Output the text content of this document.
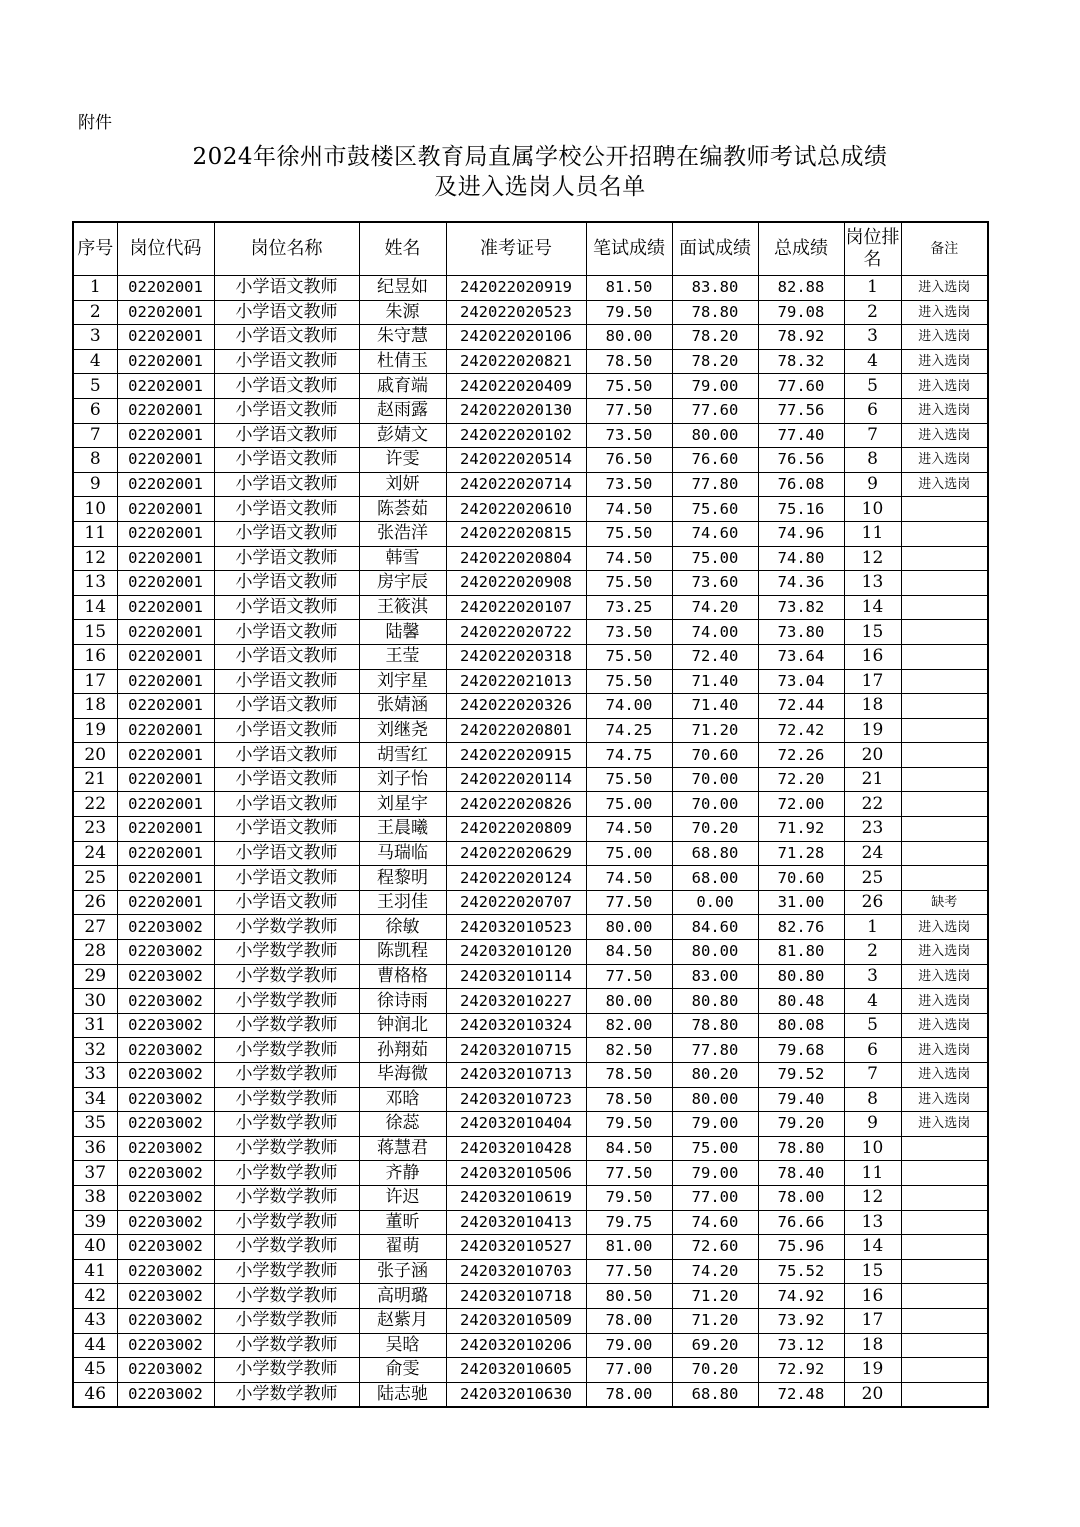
附件
2024年徐州市鼓楼区教育局直属学校公开招聘在编教师考试总成绩
及进入选岗人员名单
序号	岗位代码	岗位名称	姓名	准考证号	笔试成绩	面试成绩	总成绩	岗位排名	备注
1	02202001	小学语文教师	纪昱如	242022020919	81.50	83.80	82.88	1	进入选岗
2	02202001	小学语文教师	朱源	242022020523	79.50	78.80	79.08	2	进入选岗
3	02202001	小学语文教师	朱守慧	242022020106	80.00	78.20	78.92	3	进入选岗
4	02202001	小学语文教师	杜倩玉	242022020821	78.50	78.20	78.32	4	进入选岗
5	02202001	小学语文教师	戚育端	242022020409	75.50	79.00	77.60	5	进入选岗
6	02202001	小学语文教师	赵雨露	242022020130	77.50	77.60	77.56	6	进入选岗
7	02202001	小学语文教师	彭婧文	242022020102	73.50	80.00	77.40	7	进入选岗
8	02202001	小学语文教师	许雯	242022020514	76.50	76.60	76.56	8	进入选岗
9	02202001	小学语文教师	刘妍	242022020714	73.50	77.80	76.08	9	进入选岗
10	02202001	小学语文教师	陈荟茹	242022020610	74.50	75.60	75.16	10	
11	02202001	小学语文教师	张浩洋	242022020815	75.50	74.60	74.96	11	
12	02202001	小学语文教师	韩雪	242022020804	74.50	75.00	74.80	12	
13	02202001	小学语文教师	房宇辰	242022020908	75.50	73.60	74.36	13	
14	02202001	小学语文教师	王筱淇	242022020107	73.25	74.20	73.82	14	
15	02202001	小学语文教师	陆馨	242022020722	73.50	74.00	73.80	15	
16	02202001	小学语文教师	王莹	242022020318	75.50	72.40	73.64	16	
17	02202001	小学语文教师	刘宇星	242022021013	75.50	71.40	73.04	17	
18	02202001	小学语文教师	张婧涵	242022020326	74.00	71.40	72.44	18	
19	02202001	小学语文教师	刘继尧	242022020801	74.25	71.20	72.42	19	
20	02202001	小学语文教师	胡雪红	242022020915	74.75	70.60	72.26	20	
21	02202001	小学语文教师	刘子怡	242022020114	75.50	70.00	72.20	21	
22	02202001	小学语文教师	刘星宇	242022020826	75.00	70.00	72.00	22	
23	02202001	小学语文教师	王晨曦	242022020809	74.50	70.20	71.92	23	
24	02202001	小学语文教师	马瑞临	242022020629	75.00	68.80	71.28	24	
25	02202001	小学语文教师	程黎明	242022020124	74.50	68.00	70.60	25	
26	02202001	小学语文教师	王羽佳	242022020707	77.50	0.00	31.00	26	缺考
27	02203002	小学数学教师	徐敏	242032010523	80.00	84.60	82.76	1	进入选岗
28	02203002	小学数学教师	陈凯程	242032010120	84.50	80.00	81.80	2	进入选岗
29	02203002	小学数学教师	曹格格	242032010114	77.50	83.00	80.80	3	进入选岗
30	02203002	小学数学教师	徐诗雨	242032010227	80.00	80.80	80.48	4	进入选岗
31	02203002	小学数学教师	钟润北	242032010324	82.00	78.80	80.08	5	进入选岗
32	02203002	小学数学教师	孙翔茹	242032010715	82.50	77.80	79.68	6	进入选岗
33	02203002	小学数学教师	毕海微	242032010713	78.50	80.20	79.52	7	进入选岗
34	02203002	小学数学教师	邓晗	242032010723	78.50	80.00	79.40	8	进入选岗
35	02203002	小学数学教师	徐蕊	242032010404	79.50	79.00	79.20	9	进入选岗
36	02203002	小学数学教师	蒋慧君	242032010428	84.50	75.00	78.80	10	
37	02203002	小学数学教师	齐静	242032010506	77.50	79.00	78.40	11	
38	02203002	小学数学教师	许迟	242032010619	79.50	77.00	78.00	12	
39	02203002	小学数学教师	董昕	242032010413	79.75	74.60	76.66	13	
40	02203002	小学数学教师	翟萌	242032010527	81.00	72.60	75.96	14	
41	02203002	小学数学教师	张子涵	242032010703	77.50	74.20	75.52	15	
42	02203002	小学数学教师	高明璐	242032010718	80.50	71.20	74.92	16	
43	02203002	小学数学教师	赵紫月	242032010509	78.00	71.20	73.92	17	
44	02203002	小学数学教师	吴晗	242032010206	79.00	69.20	73.12	18	
45	02203002	小学数学教师	俞雯	242032010605	77.00	70.20	72.92	19	
46	02203002	小学数学教师	陆志驰	242032010630	78.00	68.80	72.48	20	
